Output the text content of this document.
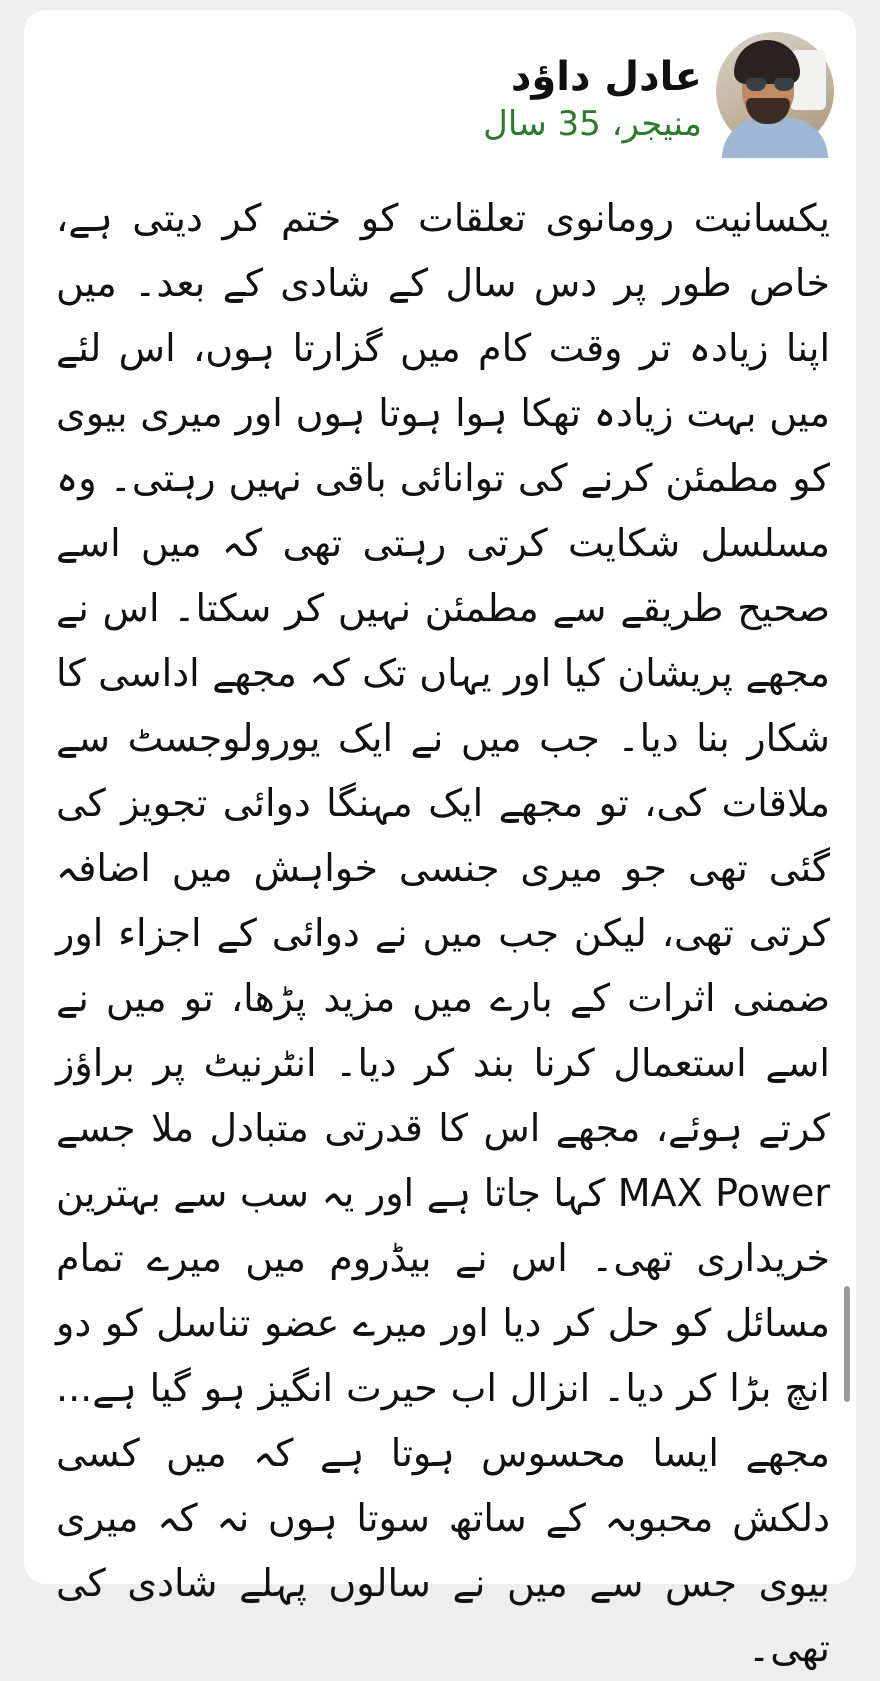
عادل داؤد
منیجر، 35 سال

یکسانیت رومانوی تعلقات کو ختم کر دیتی ہے، خاص طور پر دس سال کے شادی کے بعد۔ میں اپنا زیادہ تر وقت کام میں گزارتا ہوں، اس لئے میں بہت زیادہ تھکا ہوا ہوتا ہوں اور میری بیوی کو مطمئن کرنے کی توانائی باقی نہیں رہتی۔ وہ مسلسل شکایت کرتی رہتی تھی کہ میں اسے صحیح طریقے سے مطمئن نہیں کر سکتا۔ اس نے مجھے پریشان کیا اور یہاں تک کہ مجھے اداسی کا شکار بنا دیا۔ جب میں نے ایک یورولوجسٹ سے ملاقات کی، تو مجھے ایک مہنگا دوائی تجویز کی گئی تھی جو میری جنسی خواہش میں اضافہ کرتی تھی، لیکن جب میں نے دوائی کے اجزاء اور ضمنی اثرات کے بارے میں مزید پڑھا، تو میں نے اسے استعمال کرنا بند کر دیا۔ انٹرنیٹ پر براؤز کرتے ہوئے، مجھے اس کا قدرتی متبادل ملا جسے MAX Power کہا جاتا ہے اور یہ سب سے بہترین خریداری تھی۔ اس نے بیڈروم میں میرے تمام مسائل کو حل کر دیا اور میرے عضو تناسل کو دو انچ بڑا کر دیا۔ انزال اب حیرت انگیز ہو گیا ہے... مجھے ایسا محسوس ہوتا ہے کہ میں کسی دلکش محبوبہ کے ساتھ سوتا ہوں نہ کہ میری بیوی جس سے میں نے سالوں پہلے شادی کی تھی۔
